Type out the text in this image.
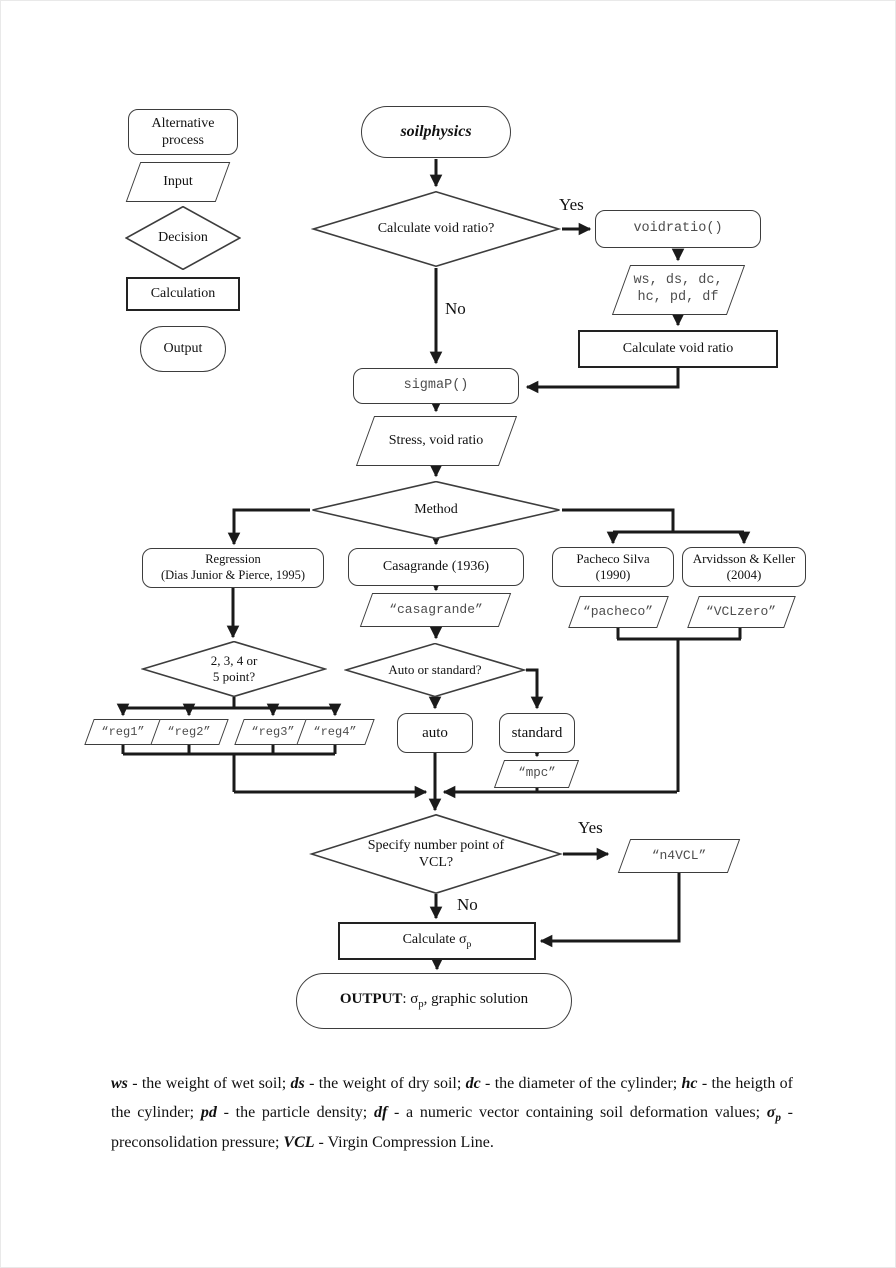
Alternative process
Input
Decision
Calculation
Output
soilphysics
Calculate void ratio?
Yes
No
voidratio()
ws, ds, dc,
hc, pd, df
Calculate void ratio
sigmaP()
Stress, void ratio
Method
Regression
(Dias Junior & Pierce, 1995)
Casagrande (1936)
Pacheco Silva
(1990)
Arvidsson & Keller
(2004)
“casagrande”	“pacheco”	“VCLzero”
2, 3, 4 or
5 point?	Auto or standard?
“reg1” “reg2”	“reg3” “reg4”	auto	standard
“mpc”
Specify number point of
VCL?
Yes
No
“n4VCL”
Calculate $\sigma_p$
OUTPUT: $\sigma_p$, graphic solution

ws - the weight of wet soil; ds - the weight of dry soil; dc - the diameter of the cylinder; hc - the heigth of the cylinder; pd - the particle density; df - a numeric vector containing soil deformation values; $\sigma_p$ - preconsolidation pressure; VCL - Virgin Compression Line.
